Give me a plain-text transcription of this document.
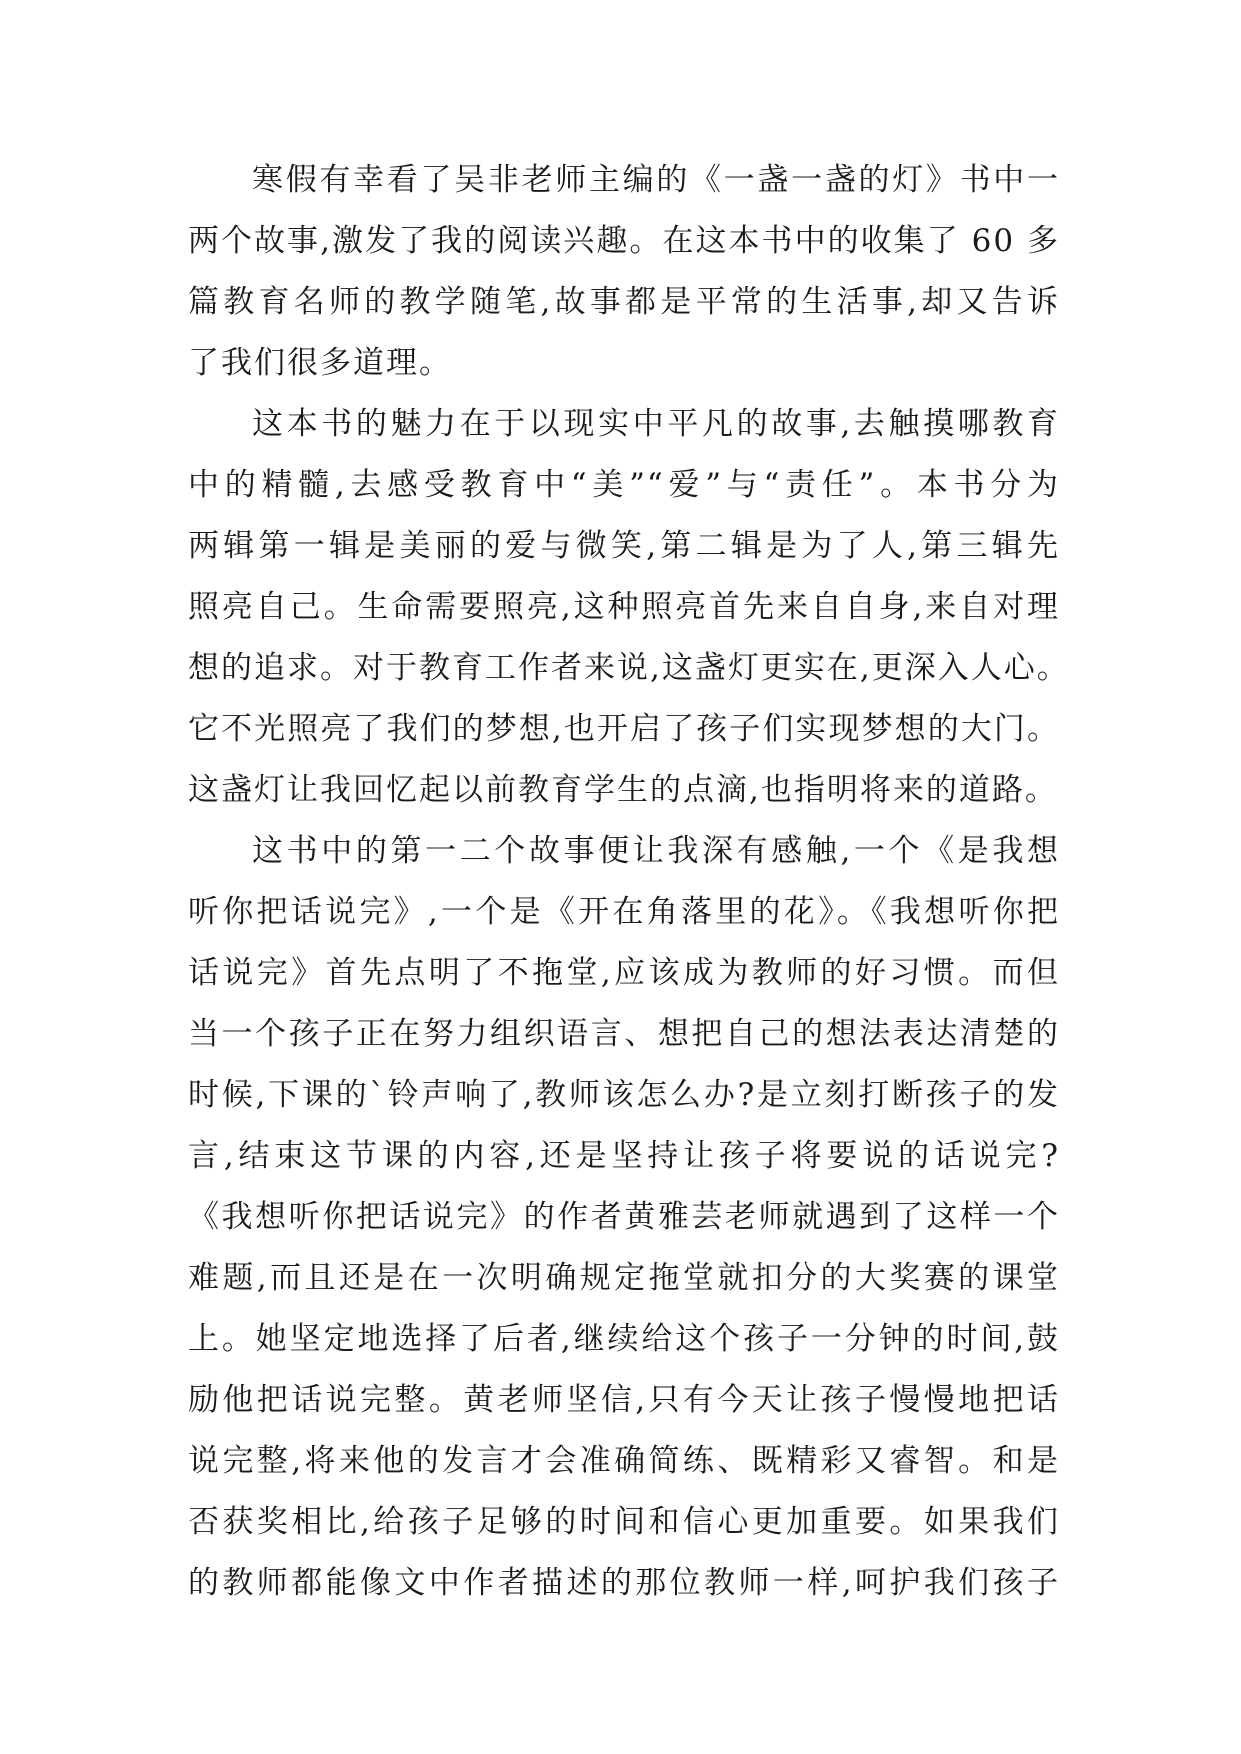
寒假有幸看了吴非老师主编的《一盏一盏的灯》书中一
两个故事,激发了我的阅读兴趣。在这本书中的收集了 60 多
篇教育名师的教学随笔,故事都是平常的生活事,却又告诉
了我们很多道理。
这本书的魅力在于以现实中平凡的故事,去触摸哪教育
中的精髓,去感受教育中“美”“爱”与“责任”。本书分为
两辑第一辑是美丽的爱与微笑,第二辑是为了人,第三辑先
照亮自己。生命需要照亮,这种照亮首先来自自身,来自对理
想的追求。对于教育工作者来说,这盏灯更实在,更深入人心。
它不光照亮了我们的梦想,也开启了孩子们实现梦想的大门。
这盏灯让我回忆起以前教育学生的点滴,也指明将来的道路。
这书中的第一二个故事便让我深有感触,一个《是我想
听你把话说完》,一个是《开在角落里的花》。《我想听你把
话说完》首先点明了不拖堂,应该成为教师的好习惯。而但
当一个孩子正在努力组织语言、想把自己的想法表达清楚的
时候,下课的`铃声响了,教师该怎么办?是立刻打断孩子的发
言,结束这节课的内容,还是坚持让孩子将要说的话说完?
《我想听你把话说完》的作者黄雅芸老师就遇到了这样一个
难题,而且还是在一次明确规定拖堂就扣分的大奖赛的课堂
上。她坚定地选择了后者,继续给这个孩子一分钟的时间,鼓
励他把话说完整。黄老师坚信,只有今天让孩子慢慢地把话
说完整,将来他的发言才会准确简练、既精彩又睿智。和是
否获奖相比,给孩子足够的时间和信心更加重要。如果我们
的教师都能像文中作者描述的那位教师一样,呵护我们孩子
